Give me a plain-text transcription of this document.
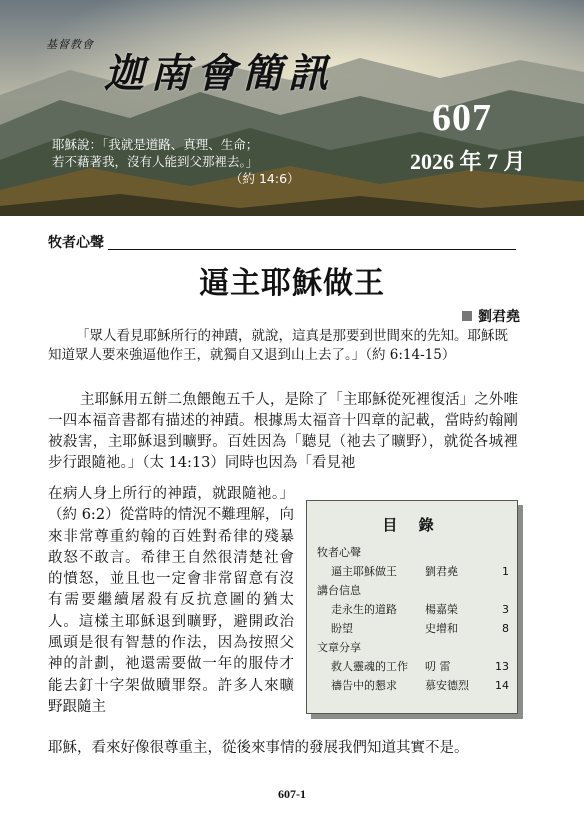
基督教會
迦南會簡訊
607
2026 年 7 月
耶穌說：「我就是道路、真理、生命；
若不藉著我，沒有人能到父那裡去。」
（約 14:6）
牧者心聲
逼主耶穌做王
劉君堯
「眾人看見耶穌所行的神蹟，就說，這真是那要到世間來的先知。耶穌既知道眾人要來強逼他作王，就獨自又退到山上去了。」（約 6:14-15）
主耶穌用五餅二魚餵飽五千人，是除了「主耶穌從死裡復活」之外唯一四本福音書都有描述的神蹟。根據馬太福音十四章的記載，當時約翰剛被殺害，主耶穌退到曠野。百姓因為「聽見（祂去了曠野），就從各城裡步行跟隨祂。」（太 14:13）同時也因為「看見祂
在病人身上所行的神蹟，就跟隨祂。」（約 6:2）從當時的情況不難理解，向來非常尊重約翰的百姓對希律的殘暴敢怒不敢言。希律王自然很清楚社會的憤怒，並且也一定會非常留意有沒有需要繼續屠殺有反抗意圖的猶太人。這樣主耶穌退到曠野，避開政治風頭是很有智慧的作法，因為按照父神的計劃，祂還需要做一年的服侍才能去釘十字架做贖罪祭。許多人來曠野跟隨主
耶穌，看來好像很尊重主，從後來事情的發展我們知道其實不是。
目 錄
牧者心聲
逼主耶穌做王	劉君堯	1
講台信息
走永生的道路	楊嘉榮	3
盼望	史增和	8
文章分享
救人靈魂的工作	叨 雷	13
禱告中的懇求	慕安德烈	14
607-1
